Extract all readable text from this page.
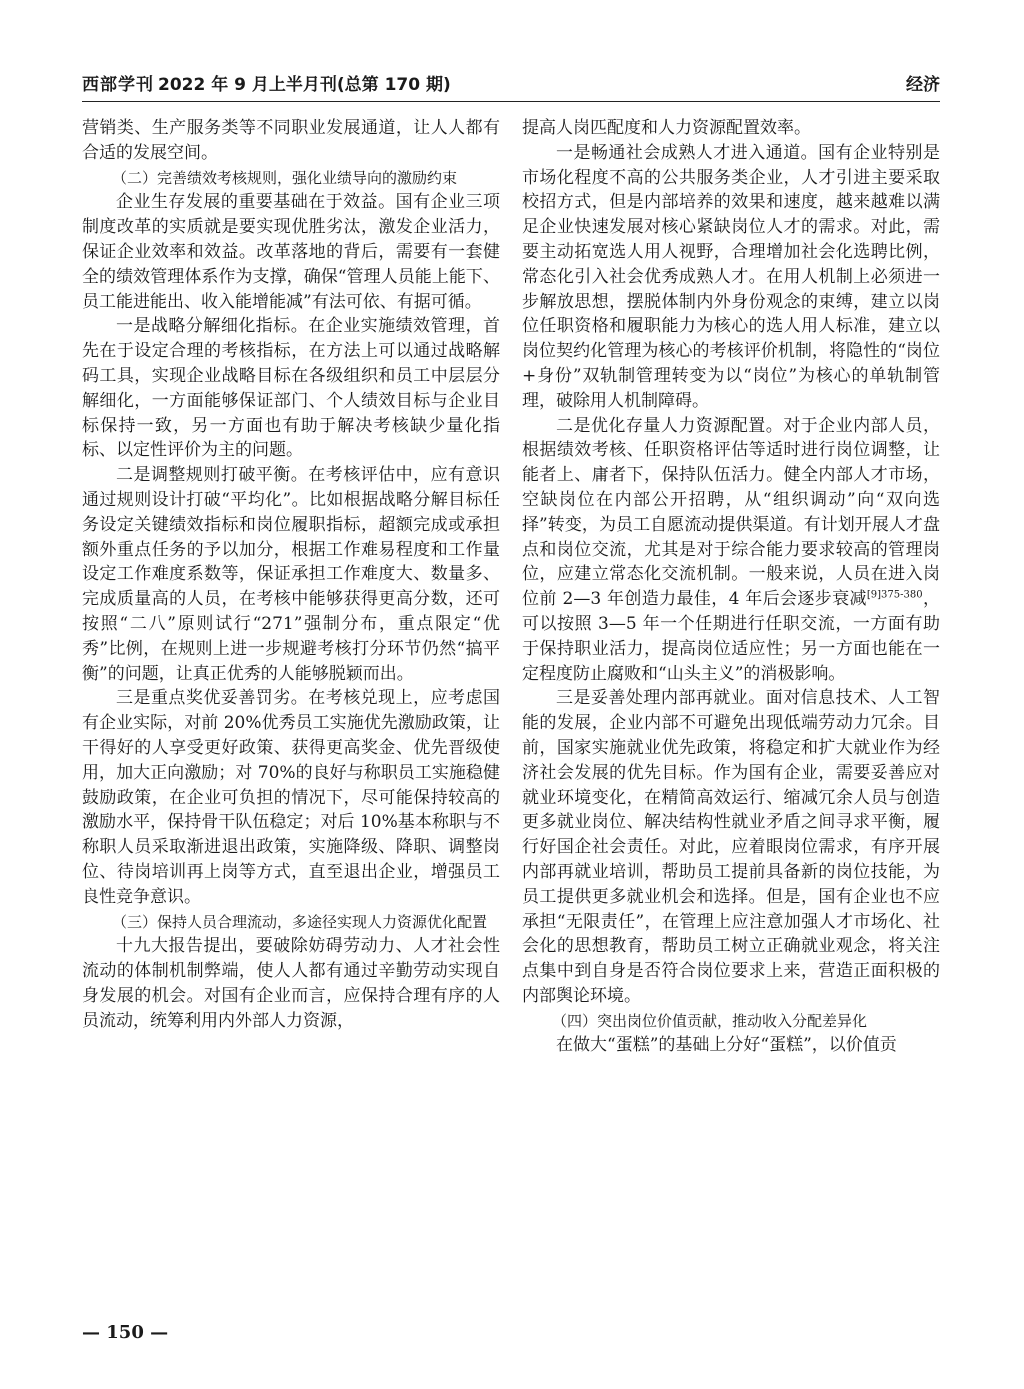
西部学刊 2022 年 9 月上半月刊(总第 170 期)	经济

营销类、生产服务类等不同职业发展通道，让人人都有合适的发展空间。

（二）完善绩效考核规则，强化业绩导向的激励约束

企业生存发展的重要基础在于效益。国有企业三项制度改革的实质就是要实现优胜劣汰，激发企业活力，保证企业效率和效益。改革落地的背后，需要有一套健全的绩效管理体系作为支撑，确保“管理人员能上能下、员工能进能出、收入能增能减”有法可依、有据可循。

一是战略分解细化指标。在企业实施绩效管理，首先在于设定合理的考核指标，在方法上可以通过战略解码工具，实现企业战略目标在各级组织和员工中层层分解细化，一方面能够保证部门、个人绩效目标与企业目标保持一致，另一方面也有助于解决考核缺少量化指标、以定性评价为主的问题。

二是调整规则打破平衡。在考核评估中，应有意识通过规则设计打破“平均化”。比如根据战略分解目标任务设定关键绩效指标和岗位履职指标，超额完成或承担额外重点任务的予以加分，根据工作难易程度和工作量设定工作难度系数等，保证承担工作难度大、数量多、完成质量高的人员，在考核中能够获得更高分数，还可按照“二八”原则试行“271”强制分布，重点限定“优秀”比例，在规则上进一步规避考核打分环节仍然“搞平衡”的问题，让真正优秀的人能够脱颖而出。

三是重点奖优妥善罚劣。在考核兑现上，应考虑国有企业实际，对前 20%优秀员工实施优先激励政策，让干得好的人享受更好政策、获得更高奖金、优先晋级使用，加大正向激励；对 70%的良好与称职员工实施稳健鼓励政策，在企业可负担的情况下，尽可能保持较高的激励水平，保持骨干队伍稳定；对后 10%基本称职与不称职人员采取渐进退出政策，实施降级、降职、调整岗位、待岗培训再上岗等方式，直至退出企业，增强员工良性竞争意识。

（三）保持人员合理流动，多途径实现人力资源优化配置

十九大报告提出，要破除妨碍劳动力、人才社会性流动的体制机制弊端，使人人都有通过辛勤劳动实现自身发展的机会。对国有企业而言，应保持合理有序的人员流动，统筹利用内外部人力资源，

提高人岗匹配度和人力资源配置效率。

一是畅通社会成熟人才进入通道。国有企业特别是市场化程度不高的公共服务类企业，人才引进主要采取校招方式，但是内部培养的效果和速度，越来越难以满足企业快速发展对核心紧缺岗位人才的需求。对此，需要主动拓宽选人用人视野，合理增加社会化选聘比例，常态化引入社会优秀成熟人才。在用人机制上必须进一步解放思想，摆脱体制内外身份观念的束缚，建立以岗位任职资格和履职能力为核心的选人用人标准，建立以岗位契约化管理为核心的考核评价机制，将隐性的“岗位+身份”双轨制管理转变为以“岗位”为核心的单轨制管理，破除用人机制障碍。

二是优化存量人力资源配置。对于企业内部人员，根据绩效考核、任职资格评估等适时进行岗位调整，让能者上、庸者下，保持队伍活力。健全内部人才市场，空缺岗位在内部公开招聘，从“组织调动”向“双向选择”转变，为员工自愿流动提供渠道。有计划开展人才盘点和岗位交流，尤其是对于综合能力要求较高的管理岗位，应建立常态化交流机制。一般来说，人员在进入岗位前 2—3 年创造力最佳，4 年后会逐步衰减$^{[9]375-380}$，可以按照 3—5 年一个任期进行任职交流，一方面有助于保持职业活力，提高岗位适应性；另一方面也能在一定程度防止腐败和“山头主义”的消极影响。

三是妥善处理内部再就业。面对信息技术、人工智能的发展，企业内部不可避免出现低端劳动力冗余。目前，国家实施就业优先政策，将稳定和扩大就业作为经济社会发展的优先目标。作为国有企业，需要妥善应对就业环境变化，在精简高效运行、缩减冗余人员与创造更多就业岗位、解决结构性就业矛盾之间寻求平衡，履行好国企社会责任。对此，应着眼岗位需求，有序开展内部再就业培训，帮助员工提前具备新的岗位技能，为员工提供更多就业机会和选择。但是，国有企业也不应承担“无限责任”，在管理上应注意加强人才市场化、社会化的思想教育，帮助员工树立正确就业观念，将关注点集中到自身是否符合岗位要求上来，营造正面积极的内部舆论环境。

（四）突出岗位价值贡献，推动收入分配差异化

在做大“蛋糕”的基础上分好“蛋糕”，以价值贡

— 150 —
